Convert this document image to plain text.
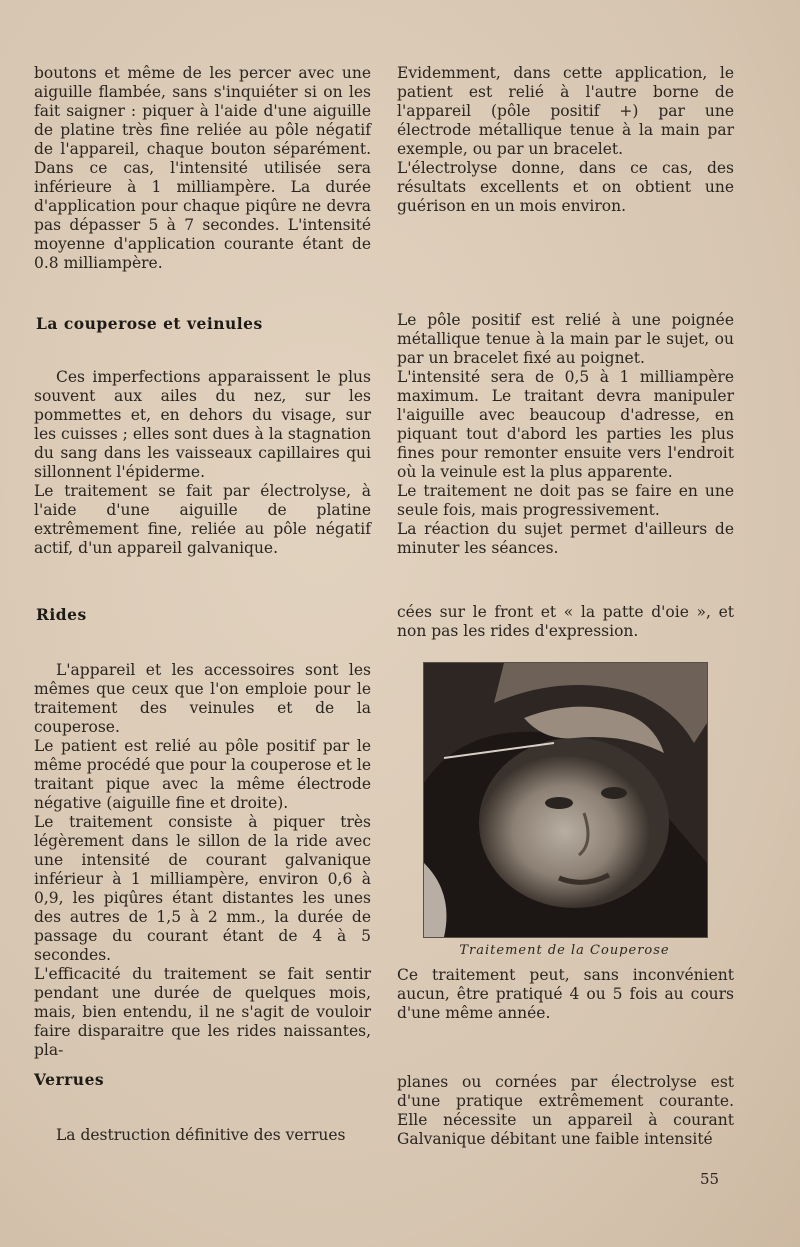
boutons et même de les percer avec une aiguille flambée, sans s'inquiéter si on les fait saigner : piquer à l'aide d'une aiguille de platine très fine reliée au pôle négatif de l'appareil, chaque bouton séparément. Dans ce cas, l'intensité utilisée sera inférieure à 1 milliampère. La durée d'application pour chaque piqûre ne devra pas dépasser 5 à 7 secondes. L'intensité moyenne d'application courante étant de 0.8 milliampère.

La couperose et veinules

Ces imperfections apparaissent le plus souvent aux ailes du nez, sur les pommettes et, en dehors du visage, sur les cuisses ; elles sont dues à la stagnation du sang dans les vaisseaux capillaires qui sillonnent l'épiderme.

Le traitement se fait par électrolyse, à l'aide d'une aiguille de platine extrêmement fine, reliée au pôle négatif actif, d'un appareil galvanique.

Rides

L'appareil et les accessoires sont les mêmes que ceux que l'on emploie pour le traitement des veinules et de la couperose.

Le patient est relié au pôle positif par le même procédé que pour la couperose et le traitant pique avec la même électrode négative (aiguille fine et droite).

Le traitement consiste à piquer très légèrement dans le sillon de la ride avec une intensité de courant galvanique inférieur à 1 milliampère, environ 0,6 à 0,9, les piqûres étant distantes les unes des autres de 1,5 à 2 mm., la durée de passage du courant étant de 4 à 5 secondes.

L'efficacité du traitement se fait sentir pendant une durée de quelques mois, mais, bien entendu, il ne s'agit de vouloir faire disparaitre que les rides naissantes, pla-

Verrues

La destruction définitive des verrues

Evidemment, dans cette application, le patient est relié à l'autre borne de l'appareil (pôle positif +) par une électrode métallique tenue à la main par exemple, ou par un bracelet.

L'électrolyse donne, dans ce cas, des résultats excellents et on obtient une guérison en un mois environ.

Le pôle positif est relié à une poignée métallique tenue à la main par le sujet, ou par un bracelet fixé au poignet.

L'intensité sera de 0,5 à 1 milliampère maximum. Le traitant devra manipuler l'aiguille avec beaucoup d'adresse, en piquant tout d'abord les parties les plus fines pour remonter ensuite vers l'endroit où la veinule est la plus apparente.

Le traitement ne doit pas se faire en une seule fois, mais progressivement.

La réaction du sujet permet d'ailleurs de minuter les séances.

cées sur le front et « la patte d'oie », et non pas les rides d'expression.

Traitement de la Couperose

Ce traitement peut, sans inconvénient aucun, être pratiqué 4 ou 5 fois au cours d'une même année.

planes ou cornées par électrolyse est d'une pratique extrêmement courante. Elle nécessite un appareil à courant Galvanique débitant une faible intensité

55
